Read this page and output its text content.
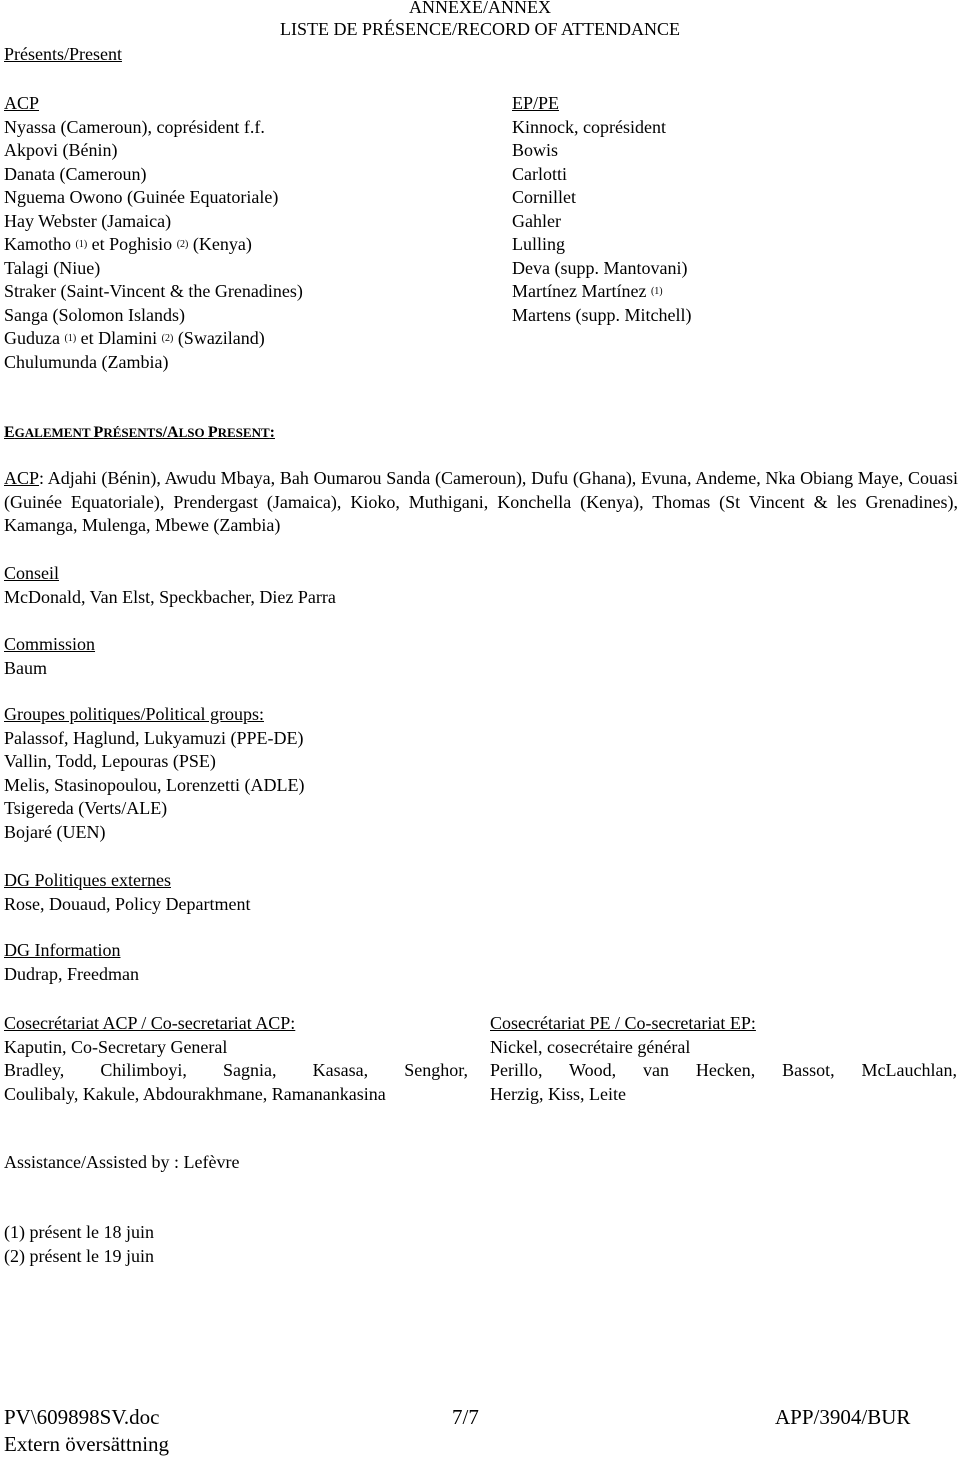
ANNEXE/ANNEX
LISTE DE PRÉSENCE/RECORD OF ATTENDANCE
Présents/Present
ACP
Nyassa (Cameroun), coprésident f.f.
Akpovi (Bénin)
Danata (Cameroun)
Nguema Owono (Guinée Equatoriale)
Hay Webster (Jamaica)
Kamotho $^{(1)}$ et Poghisio $^{(2)}$ (Kenya)
Talagi (Niue)
Straker (Saint-Vincent & the Grenadines)
Sanga (Solomon Islands)
Guduza $^{(1)}$ et Dlamini $^{(2)}$ (Swaziland)
Chulumunda (Zambia)
EP/PE
Kinnock, coprésident
Bowis
Carlotti
Cornillet
Gahler
Lulling
Deva (supp. Mantovani)
Martínez Martínez $^{(1)}$
Martens (supp. Mitchell)
EGALEMENT PRÉSENTS/ALSO PRESENT:
ACP: Adjahi (Bénin), Awudu Mbaya, Bah Oumarou Sanda (Cameroun), Dufu (Ghana), Evuna, Andeme, Nka Obiang Maye, Couasi (Guinée Equatoriale), Prendergast (Jamaica), Kioko, Muthigani, Konchella (Kenya), Thomas (St Vincent & les Grenadines), Kamanga, Mulenga, Mbewe (Zambia)
Conseil
McDonald, Van Elst, Speckbacher, Diez Parra
Commission
Baum
Groupes politiques/Political groups:
Palassof, Haglund, Lukyamuzi (PPE-DE)
Vallin, Todd, Lepouras (PSE)
Melis, Stasinopoulou, Lorenzetti (ADLE)
Tsigereda (Verts/ALE)
Bojaré (UEN)
DG Politiques externes
Rose, Douaud, Policy Department
DG Information
Dudrap, Freedman
Cosecrétariat ACP / Co-secretariat ACP:
Kaputin, Co-Secretary General
Bradley, Chilimboyi, Sagnia, Kasasa, Senghor,
Coulibaly, Kakule, Abdourakhmane, Ramanankasina
Cosecrétariat PE / Co-secretariat EP:
Nickel, cosecrétaire général
Perillo, Wood, van Hecken, Bassot, McLauchlan,
Herzig, Kiss, Leite
Assistance/Assisted by : Lefèvre
(1) présent le 18 juin
(2) présent le 19 juin
PV\609898SV.doc
Extern översättning
7/7	APP/3904/BUR
